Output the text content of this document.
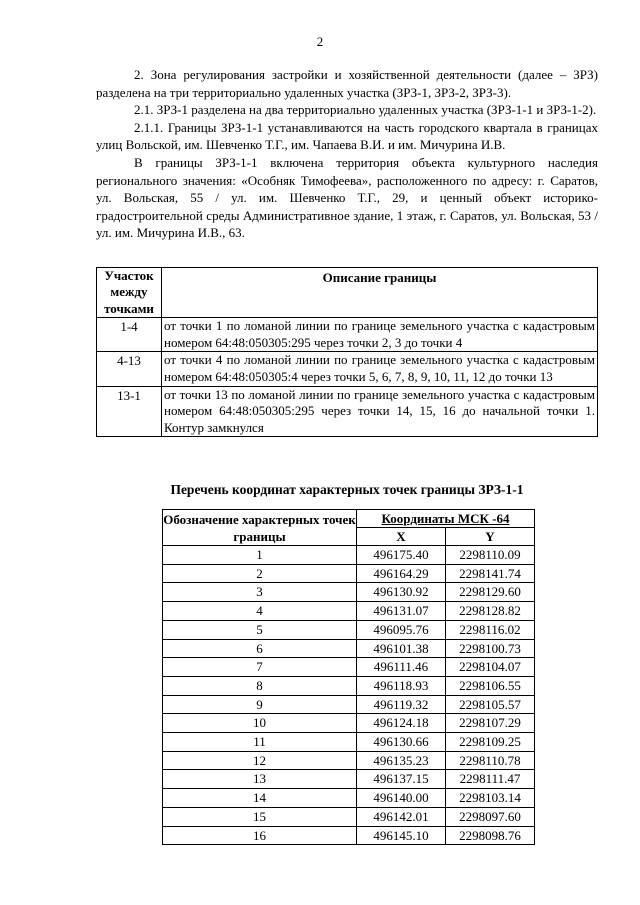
2

2. Зона регулирования застройки и хозяйственной деятельности (далее – ЗРЗ) разделена на три территориально удаленных участка (ЗРЗ-1, ЗРЗ-2, ЗРЗ-3).

2.1. ЗРЗ-1 разделена на два территориально удаленных участка (ЗРЗ-1-1 и ЗРЗ-1-2).

2.1.1. Границы ЗРЗ-1-1 устанавливаются на часть городского квартала в границах улиц Вольской, им. Шевченко Т.Г., им. Чапаева В.И. и им. Мичурина И.В.

В границы ЗРЗ-1-1 включена территория объекта культурного наследия регионального значения: «Особняк Тимофеева», расположенного по адресу: г. Саратов, ул. Вольская, 55 / ул. им. Шевченко Т.Г., 29, и ценный объект историко-градостроительной среды Административное здание, 1 этаж, г. Саратов, ул. Вольская, 53 / ул. им. Мичурина И.В., 63.

Участок между точками	Описание границы
1-4	от точки 1 по ломаной линии по границе земельного участка с кадастровым номером 64:48:050305:295 через точки 2, 3 до точки 4
4-13	от точки 4 по ломаной линии по границе земельного участка с кадастровым номером 64:48:050305:4 через точки 5, 6, 7, 8, 9, 10, 11, 12 до точки 13
13-1	от точки 13 по ломаной линии по границе земельного участка с кадастровым номером 64:48:050305:295 через точки 14, 15, 16 до начальной точки 1. Контур замкнулся
Перечень координат характерных точек границы ЗРЗ-1-1
Обозначение характерных точек границы	Координаты МСК -64	
	X	Y
1	496175.40	2298110.09
2	496164.29	2298141.74
3	496130.92	2298129.60
4	496131.07	2298128.82
5	496095.76	2298116.02
6	496101.38	2298100.73
7	496111.46	2298104.07
8	496118.93	2298106.55
9	496119.32	2298105.57
10	496124.18	2298107.29
11	496130.66	2298109.25
12	496135.23	2298110.78
13	496137.15	2298111.47
14	496140.00	2298103.14
15	496142.01	2298097.60
16	496145.10	2298098.76
